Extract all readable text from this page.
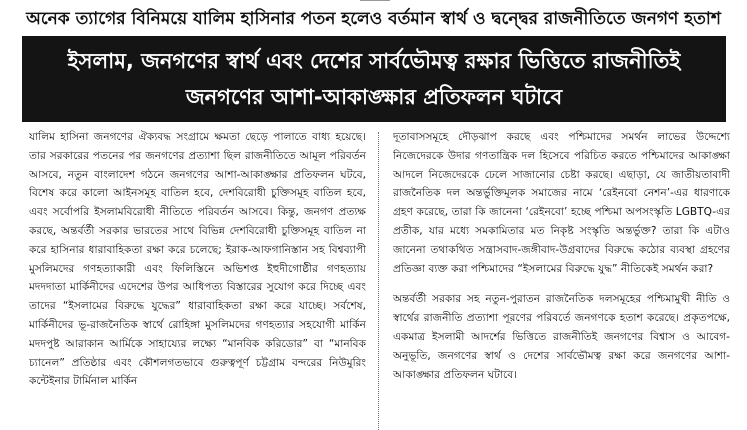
অনেক ত্যাগের বিনিময়ে যালিম হাসিনার পতন হলেও বর্তমান স্বার্থ ও দ্বন্দ্বের রাজনীতিতে জনগণ হতাশ
ইসলাম, জনগণের স্বার্থ এবং দেশের সার্বভৌমত্ব রক্ষার ভিত্তিতে রাজনীতিই
জনগণের আশা-আকাঙ্ক্ষার প্রতিফলন ঘটাবে

যালিম হাসিনা জনগণের ঐক্যবদ্ধ সংগ্রামে ক্ষমতা ছেড়ে পালাতে বাধ্য হয়েছে। তার সরকারের পতনের পর জনগণের প্রত্যাশা ছিল রাজনীতিতে আমূল পরিবর্তন আসবে, নতুন বাংলাদেশ গঠনে জনগণের আশা-আকাঙ্ক্ষার প্রতিফলন ঘটবে, বিশেষ করে কালো আইনসমূহ বাতিল হবে, দেশবিরোধী চুক্তিসমূহ বাতিল হবে, এবং সর্বোপরি ইসলামবিরোধী নীতিতে পরিবর্তন আসবে। কিন্তু, জনগণ প্রত্যক্ষ করছে, অন্তর্বর্তী সরকার ভারতের সাথে বিভিন্ন দেশবিরোধী চুক্তিসমূহ বাতিল না করে হাসিনার ধারাবাহিকতা রক্ষা করে চলেছে; ইরাক-আফগানিস্তান সহ বিশ্বব্যাপী মুসলিমদের গণহত্যাকারী এবং ফিলিস্তিনে অভিশপ্ত ইহুদীগোষ্ঠীর গণহত্যায় মদদদাতা মার্কিনীদের এদেশের উপর আধিপত্য বিস্তারের সুযোগ করে দিচ্ছে এবং তাদের “ইসলামের বিরুদ্ধে যুদ্ধের” ধারাবাহিকতা রক্ষা করে যাচ্ছে। সর্বশেষ, মার্কিনীদের ভূ-রাজনৈতিক স্বার্থে রোহিঙ্গা মুসলিমদের গণহত্যার সহযোগী মার্কিন মদদপুষ্ট আরাকান আর্মিকে সাহায্যের লক্ষ্যে “মানবিক করিডোর” বা “মানবিক চ্যানেল” প্রতিষ্ঠার এবং কৌশলগতভাবে গুরুত্বপূর্ণ চট্টগ্রাম বন্দরের নিউমুরিং কন্টেইনার টার্মিনাল মার্কিন

দূতাবাসসমূহে দৌড়ঝাপ করছে এবং পশ্চিমাদের সমর্থন লাভের উদ্দেশ্যে নিজেদেরকে উদার গণতান্ত্রিক দল হিসেবে পরিচিত করতে পশ্চিমাদের আকাঙ্ক্ষা আদলে নিজেদেরকে ঢেলে সাজানোর চেষ্টা করছে। এছাড়া, যে জাতীয়তাবাদী রাজনৈতিক দল অন্তর্ভুক্তিমূলক সমাজের নামে ‘রেইনবো নেশন’-এর ধারণাকে গ্রহণ করেছে, তারা কি জানেনা ‘রেইনবো’ হচ্ছে পশ্চিমা অপসংস্কৃতি LGBTQ-এর প্রতীক, যার মধ্যে সমকামিতার মত নিকৃষ্ট সংস্কৃতি অন্তর্ভুক্ত? তারা কি এটাও জানেনা তথাকথিত সন্ত্রাসবাদ-জঙ্গীবাদ-উগ্রবাদের বিরুদ্ধে কঠোর ব্যবস্থা গ্রহণের প্রতিজ্ঞা ব্যক্ত করা পশ্চিমাদের “ইসলামের বিরুদ্ধে যুদ্ধ” নীতিকেই সমর্থন করা?

অন্তর্বর্তী সরকার সহ নতুন-পুরাতন রাজনৈতিক দলসমূহের পশ্চিমামুখী নীতি ও স্বার্থের রাজনীতি প্রত্যাশা পূরণের পরিবর্তে জনগণকে হতাশ করেছে। প্রকৃতপক্ষে, একমাত্র ইসলামী আদর্শের ভিত্তিতে রাজনীতিই জনগণের বিশ্বাস ও আবেগ-অনুভূতি, জনগণের স্বার্থ ও দেশের সার্বভৌমত্ব রক্ষা করে জনগণের আশা-আকাঙ্ক্ষার প্রতিফলন ঘটাবে।
